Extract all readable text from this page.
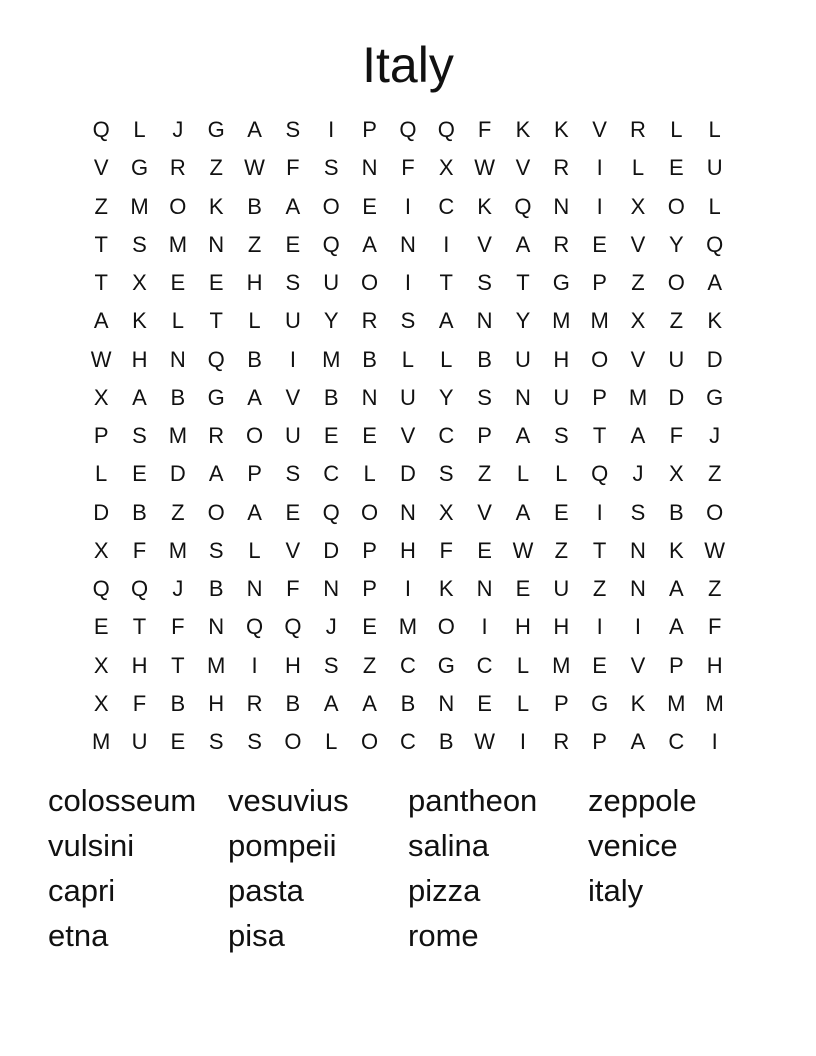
Italy
Q	L	J	G	A	S	I	P	Q Q	F	K	K	V	R	L	L
V	G R	Z W F	S	N	F	X W V	R	I	L	E	U
Z	M O	K	B	A	O	E	I	C	K	Q N	I	X	O	L
T	S M N	Z	E	Q	A	N	I	V	A	R	E	V	Y	Q
T	X	E	E	H	S	U O	I	T	S	T	G	P	Z	O	A
A	K	L	T	L	U	Y	R	S	A	N	Y M M X	Z	K
W H	N Q	B	I	M B	L	L	B	U	H O	V	U	D
X	A	B	G	A	V	B	N	U	Y	S	N	U	P M D G
P	S M R O U	E	E	V	C	P	A	S	T	A	F	J
L	E	D	A	P	S	C	L	D	S	Z	L	L	Q	J	X	Z
D	B	Z	O	A	E	Q O N	X	V	A	E	I	S	B	O
X	F	M S	L	V	D	P	H	F	E W Z	T	N	K W
Q Q	J	B	N	F	N	P	I	K	N	E	U	Z	N	A	Z
E	T	F	N Q Q	J	E M O	I	H	H	I	I	A	F
X	H	T	M	I	H	S	Z	C G C	L	M E	V	P	H
X	F	B	H	R	B	A	A	B	N	E	L	P	G	K M M
M U	E	S	S	O	L	O C	B W	I	R	P	A	C	I
colosseum	vesuvius	pantheon	zeppole
vulsini	pompeii	salina	venice
capri	pasta	pizza	italy
etna	pisa	rome
